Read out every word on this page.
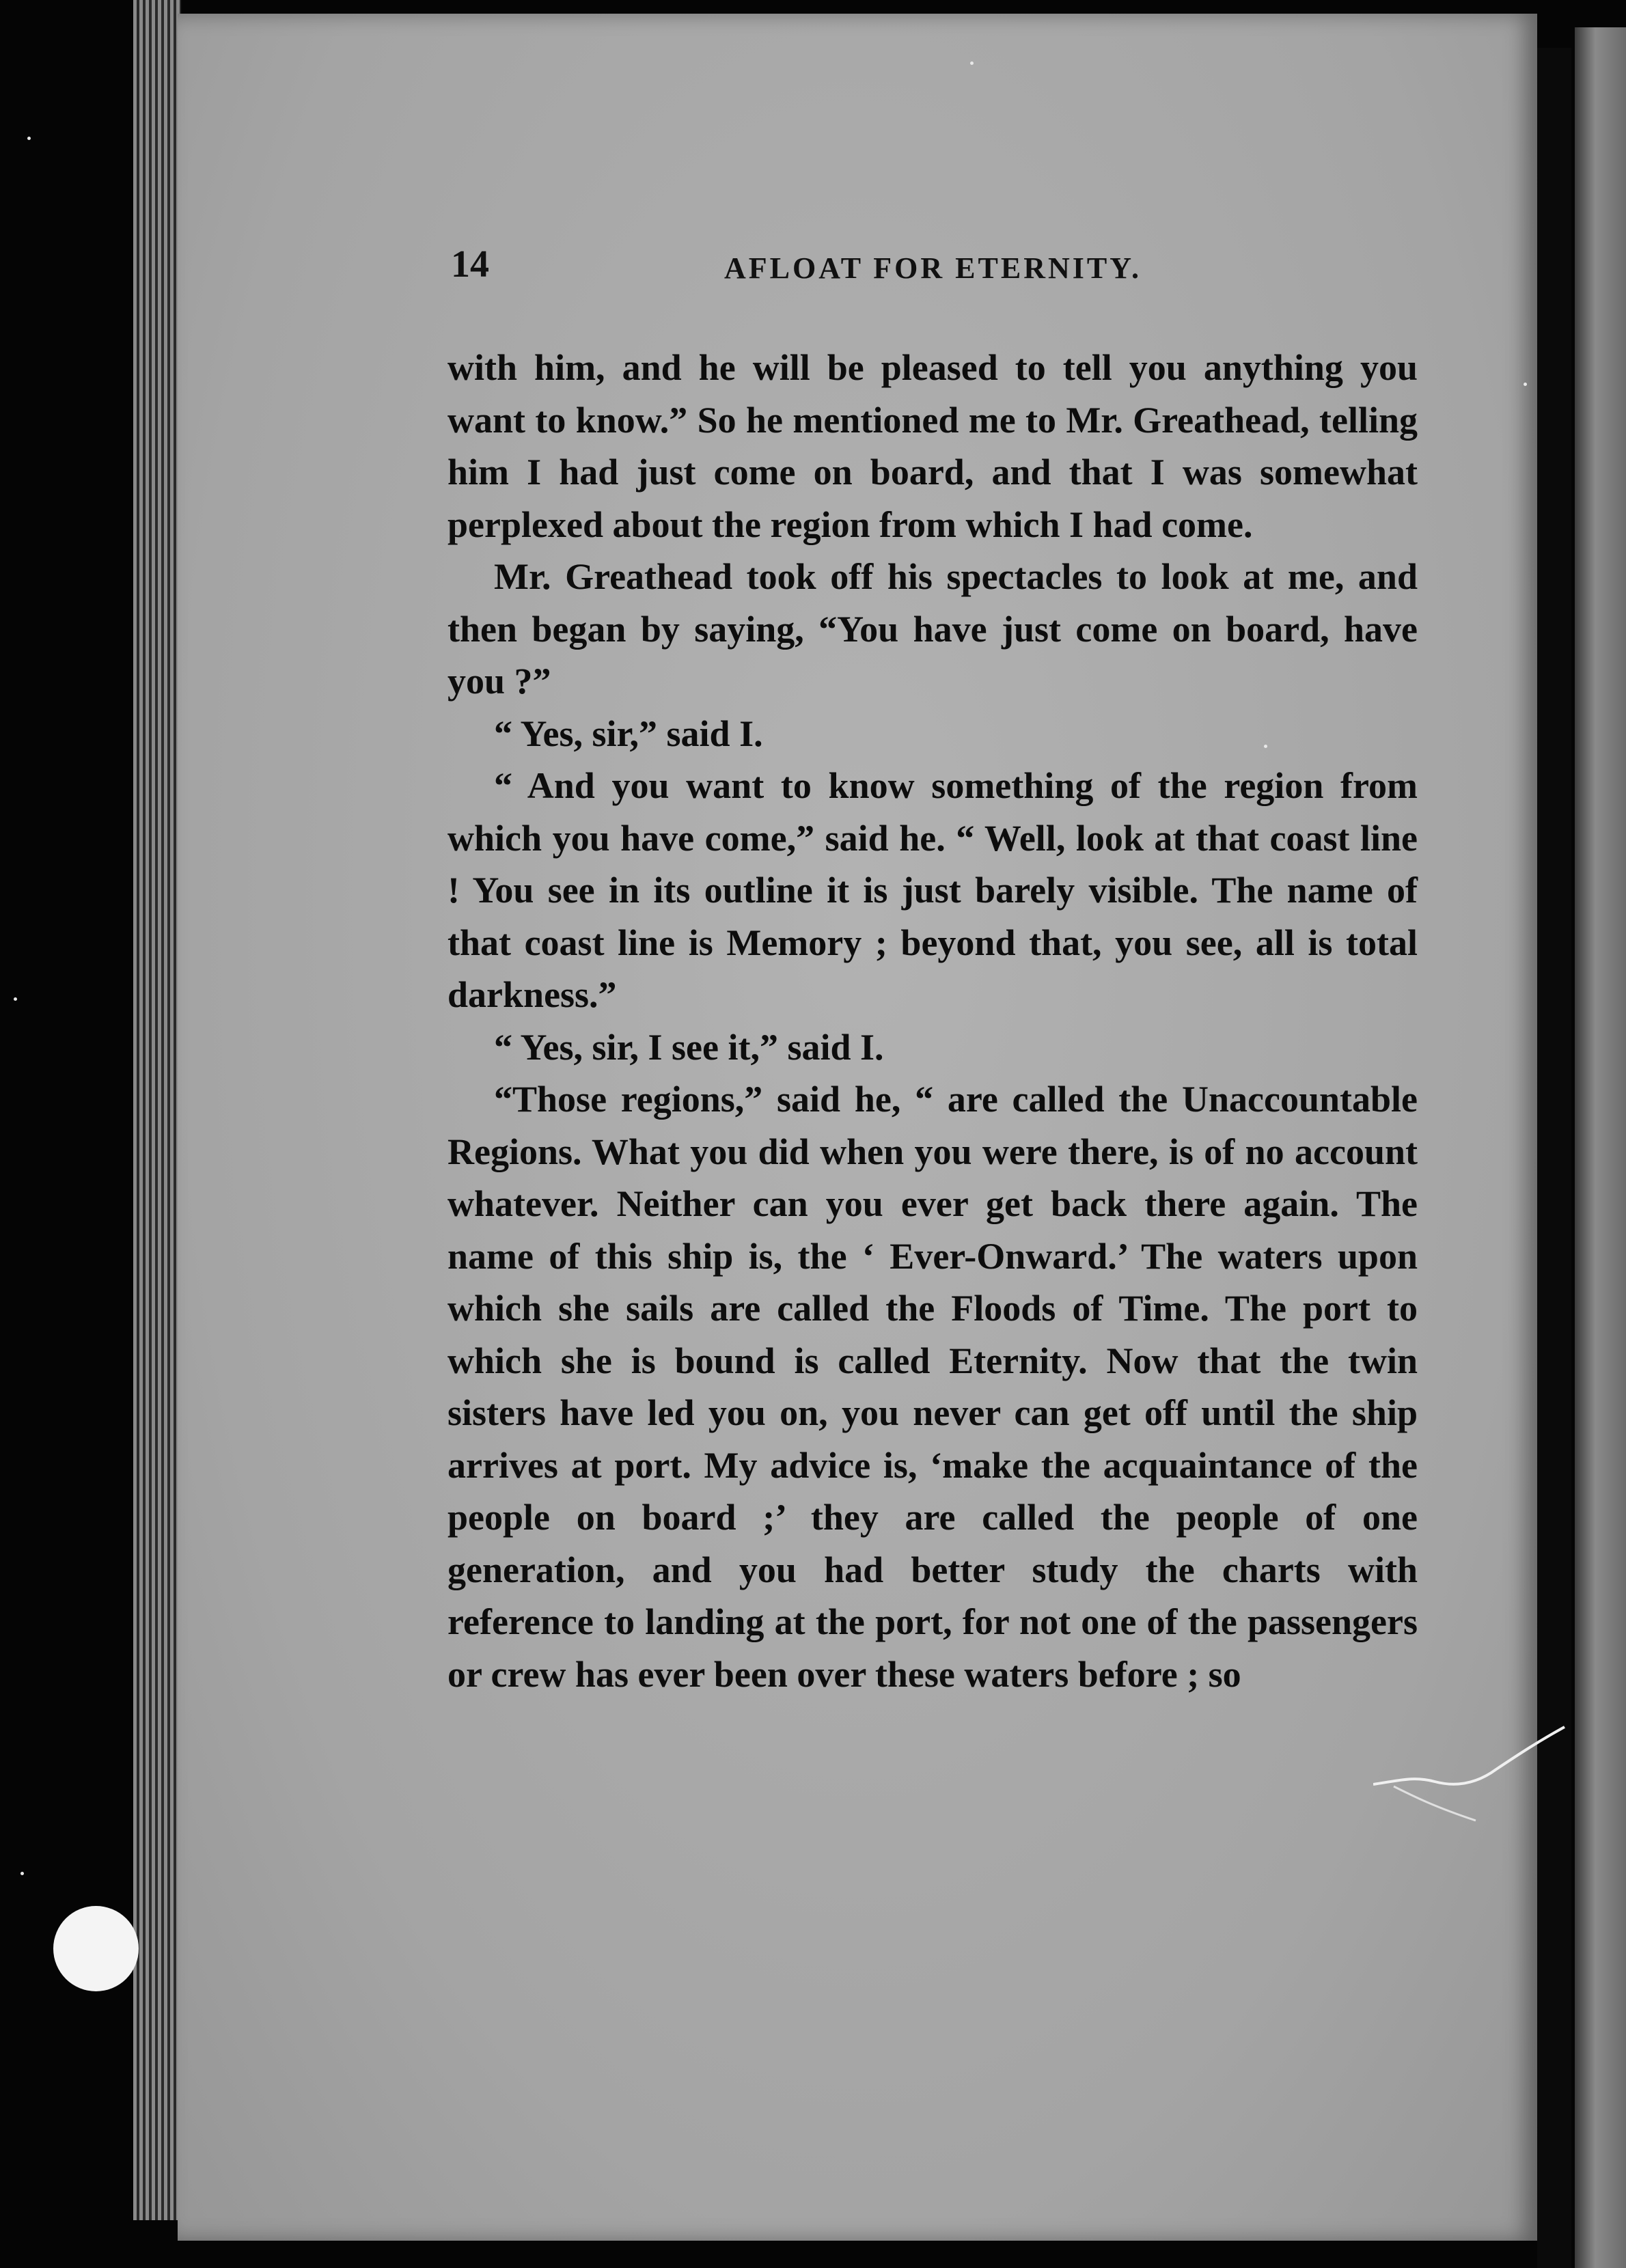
14	AFLOAT FOR ETERNITY.

with him, and he will be pleased to tell you anything you want to know.” So he mentioned me to Mr. Greathead, telling him I had just come on board, and that I was somewhat perplexed about the region from which I had come.

Mr. Greathead took off his spectacles to look at me, and then began by saying, “You have just come on board, have you ?”

“ Yes, sir,” said I.

“ And you want to know something of the region from which you have come,” said he. “ Well, look at that coast line ! You see in its outline it is just barely visible. The name of that coast line is Memory ; beyond that, you see, all is total darkness.”

“ Yes, sir, I see it,” said I.

“Those regions,” said he, “ are called the Unaccountable Regions. What you did when you were there, is of no account whatever. Neither can you ever get back there again. The name of this ship is, the ‘ Ever-Onward.’ The waters upon which she sails are called the Floods of Time. The port to which she is bound is called Eternity. Now that the twin sisters have led you on, you never can get off until the ship arrives at port. My advice is, ‘make the acquaintance of the people on board ;’ they are called the people of one generation, and you had better study the charts with reference to landing at the port, for not one of the passengers or crew has ever been over these waters before ; so
